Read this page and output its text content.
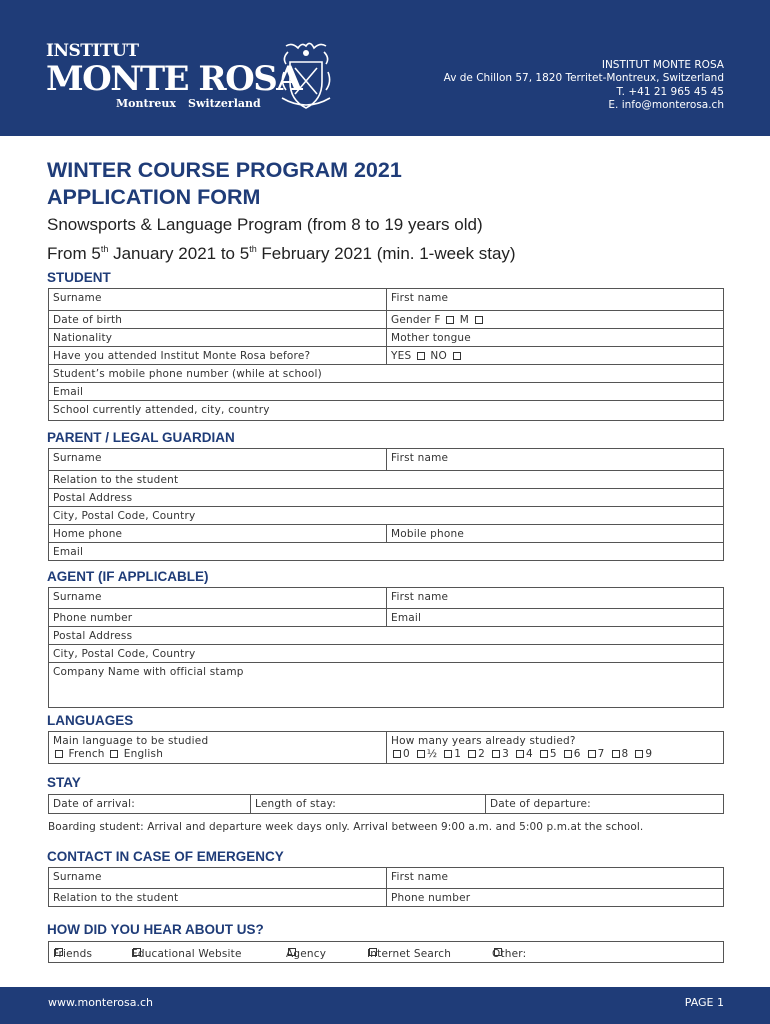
INSTITUT
MONTE ROSA
Montreux Switzerland
INSTITUT MONTE ROSA
Av de Chillon 57, 1820 Territet-Montreux, Switzerland
T. +41 21 965 45 45
E. info@monterosa.ch
WINTER COURSE PROGRAM 2021
APPLICATION FORM
Snowsports & Language Program (from 8 to 19 years old)
From 5th January 2021 to 5th February 2021 (min. 1-week stay)
STUDENT
Surname	First name
Date of birth	Gender F M
Nationality	Mother tongue
Have you attended Institut Monte Rosa before?	YES NO
Student’s mobile phone number (while at school)
Email
School currently attended, city, country
PARENT / LEGAL GUARDIAN
Surname	First name
Relation to the student
Postal Address
City, Postal Code, Country
Home phone	Mobile phone
Email
AGENT (IF APPLICABLE)
Surname	First name
Phone number	Email
Postal Address
City, Postal Code, Country
Company Name with official stamp
LANGUAGES
Main language to be studied
French English
How many years already studied?
0 ½ 1 2 3 4 5 6 7 8 9
STAY
Date of arrival:	Length of stay:	Date of departure:
Boarding student: Arrival and departure week days only. Arrival between 9:00 a.m. and 5:00 p.m.at the school.
CONTACT IN CASE OF EMERGENCY
Surname	First name
Relation to the student	Phone number
HOW DID YOU HEAR ABOUT US?
Friends	Educational Website	Agency	Internet Search	Other:
www.monterosa.ch	PAGE 1
